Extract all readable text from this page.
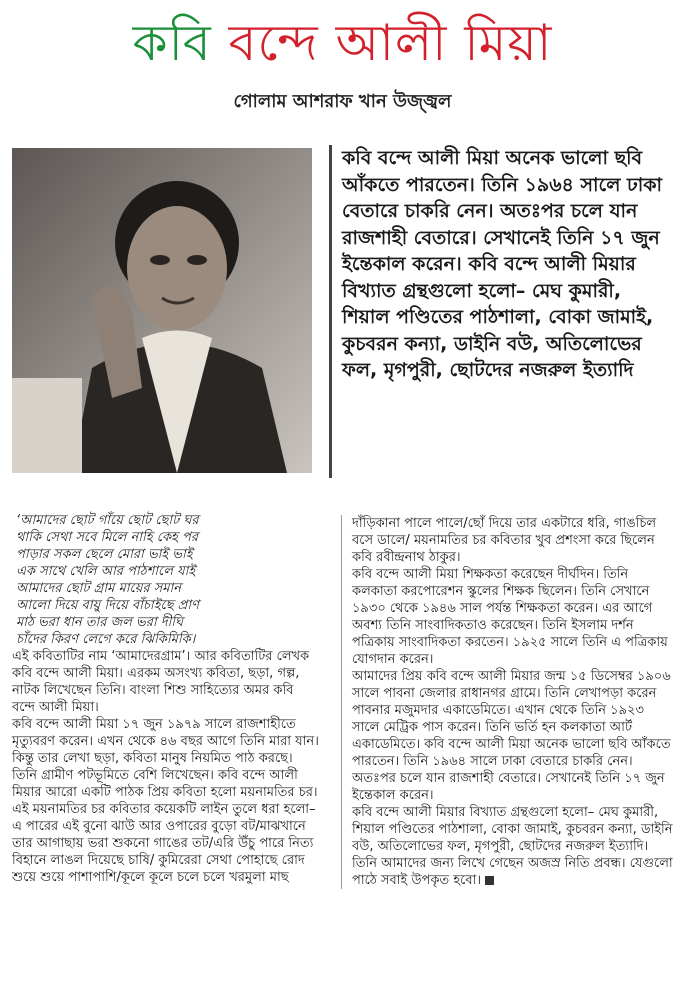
কবি বন্দে আলী মিয়া
গোলাম আশরাফ খান উজ্জ্বল

কবি বন্দে আলী মিয়া অনেক ভালো ছবি আঁকতে পারতেন। তিনি ১৯৬৪ সালে ঢাকা বেতারে চাকরি নেন। অতঃপর চলে যান রাজশাহী বেতারে। সেখানেই তিনি ১৭ জুন ইন্তেকাল করেন। কবি বন্দে আলী মিয়ার বিখ্যাত গ্রন্থগুলো হলো– মেঘ কুমারী, শিয়াল পণ্ডিতের পাঠশালা, বোকা জামাই, কুচবরন কন্যা, ডাইনি বউ, অতিলোভের ফল, মৃগপুরী, ছোটদের নজরুল ইত্যাদি

‘আমাদের ছোট গাঁয়ে ছোট ছোট ঘর
থাকি সেথা সবে মিলে নাহি কেহ পর
পাড়ার সকল ছেলে মোরা ভাই ভাই
এক সাথে খেলি আর পাঠশালে যাই
আমাদের ছোট গ্রাম মায়ের সমান
আলো দিয়ে বায়ু দিয়ে বাঁচাইছে প্রাণ
মাঠ ভরা ধান তার জল ভরা দীঘি
চাঁদের কিরণ লেগে করে ঝিকিমিকি।

এই কবিতাটির নাম ‘আমাদেরগ্রাম’। আর কবিতাটির লেখক কবি বন্দে আলী মিয়া। এরকম অসংখ্য কবিতা, ছড়া, গল্প, নাটক লিখেছেন তিনি। বাংলা শিশু সাহিত্যের অমর কবি বন্দে আলী মিয়া।

কবি বন্দে আলী মিয়া ১৭ জুন ১৯৭৯ সালে রাজশাহীতে মৃত্যুবরণ করেন। এখন থেকে ৪৬ বছর আগে তিনি মারা যান। কিন্তু তার লেখা ছড়া, কবিতা মানুষ নিয়মিত পাঠ করছে।

তিনি গ্রামীণ পটভূমিতে বেশি লিখেছেন। কবি বন্দে আলী মিয়ার আরো একটি পাঠক প্রিয় কবিতা হলো ময়নামতির চর।

এই ময়নামতির চর কবিতার কয়েকটি লাইন তুলে ধরা হলো– এ পারের এই বুনো ঝাউ আর ওপারের বুড়ো বট/মাঝখানে তার আগাছায় ভরা শুকনো গাঙের তট/এরি উঁচু পারে নিত্য বিহানে লাঙল দিয়েছে চাষি/ কুমিরেরা সেথা পোহাছে রোদ শুয়ে শুয়ে পাশাপাশি/কূলে কূলে চলে চলে খরমুলা মাছ

দাঁড়িকানা পালে পালে/ছোঁ দিয়ে তার একটারে ধরি, গাঙচিল বসে ডালে/ ময়নামতির চর কবিতার খুব প্রশংসা করে ছিলেন কবি রবীন্দ্রনাথ ঠাকুর।

কবি বন্দে আলী মিয়া শিক্ষকতা করেছেন দীর্ঘদিন। তিনি কলকাতা করপোরেশন স্কুলের শিক্ষক ছিলেন। তিনি সেখানে ১৯৩০ থেকে ১৯৪৬ সাল পর্যন্ত শিক্ষকতা করেন। এর আগে অবশ্য তিনি সাংবাদিকতাও করেছেন। তিনি ইসলাম দর্শন পত্রিকায় সাংবাদিকতা করতেন। ১৯২৫ সালে তিনি এ পত্রিকায় যোগদান করেন।

আমাদের প্রিয় কবি বন্দে আলী মিয়ার জন্ম ১৫ ডিসেম্বর ১৯০৬ সালে পাবনা জেলার রাধানগর গ্রামে। তিনি লেখাপড়া করেন পাবনার মজুমদার একাডেমিতে। এখান থেকে তিনি ১৯২৩ সালে মেট্রিক পাস করেন। তিনি ভর্তি হন কলকাতা আর্ট একাডেমিতে। কবি বন্দে আলী মিয়া অনেক ভালো ছবি আঁকতে পারতেন। তিনি ১৯৬৪ সালে ঢাকা বেতারে চাকরি নেন। অতঃপর চলে যান রাজশাহী বেতারে। সেখানেই তিনি ১৭ জুন ইন্তেকাল করেন।

কবি বন্দে আলী মিয়ার বিখ্যাত গ্রন্থগুলো হলো– মেঘ কুমারী, শিয়াল পণ্ডিতের পাঠশালা, বোকা জামাই, কুচবরন কন্যা, ডাইনি বউ, অতিলোভের ফল, মৃগপুরী, ছোটদের নজরুল ইত্যাদি। তিনি আমাদের জন্য লিখে গেছেন অজস্র নিতি প্রবন্ধ। যেগুলো পাঠে সবাই উপকৃত হবো।
